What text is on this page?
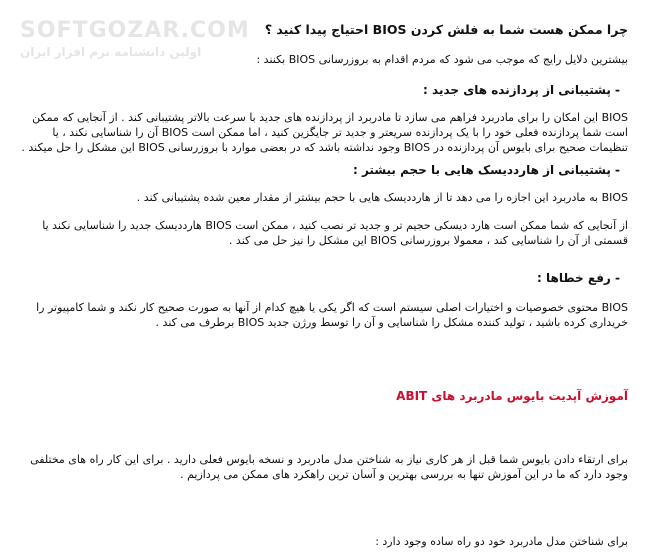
SOFTGOZAR.COM
اولین دانشنامه نرم افزار ایران

چرا ممکن هست شما به فلش کردن BIOS احتیاج پیدا کنید ؟

بیشترین دلایل رایج که موجب می شود که مردم اقدام به بروزرسانی BIOS بکنند :

- پشتیبانی از پردازنده های جدید :

BIOS این امکان را برای مادربرد فراهم می سازد تا مادربرد از پردازنده های جدید با سرعت بالاتر پشتیبانی کند . از آنجایی که ممکن است شما پردازنده فعلی خود را با یک پردازنده سریعتر و جدید تر جایگزین کنید ، اما ممکن است BIOS آن را شناسایی نکند ، یا تنظیمات صحیح برای بایوس آن پردازنده در BIOS وجود نداشته باشد که در بعضی موارد با بروزرسانی BIOS این مشکل را حل میکند .

- پشتیبانی از هارددیسک هایی با حجم بیشتر :

BIOS به مادربرد این اجازه را می دهد تا از هارددیسک هایی با حجم بیشتر از مقدار معین شده پشتیبانی کند .

از آنجایی که شما ممکن است هارد دیسکی حجیم تر و جدید تر نصب کنید ، ممکن است BIOS هارددیسک جدید را شناسایی نکند یا قسمتی از آن را شناسایی کند ، معمولا بروزرسانی BIOS این مشکل را نیز حل می کند .

- رفع خطاها :

BIOS محتوی خصوصیات و اختیارات اصلی سیستم است که اگر یکی یا هیچ کدام از آنها به صورت صحیح کار نکند و شما کامپیوتر را خریداری کرده باشید ، تولید کننده مشکل را شناسایی و آن را توسط ورژن جدید BIOS برطرف می کند .

آموزش آپدیت بایوس مادربرد های ABIT

برای ارتقاء دادن بایوس شما قبل از هر کاری نیاز به شناختن مدل مادربرد و نسخه بایوس فعلی دارید . برای این کار راه های مختلفی وجود دارد که ما در این آموزش تنها به بررسی بهترین و آسان ترین راهکرد های ممکن می پردازیم .

برای شناختن مدل مادربرد خود دو راه ساده وجود دارد :
